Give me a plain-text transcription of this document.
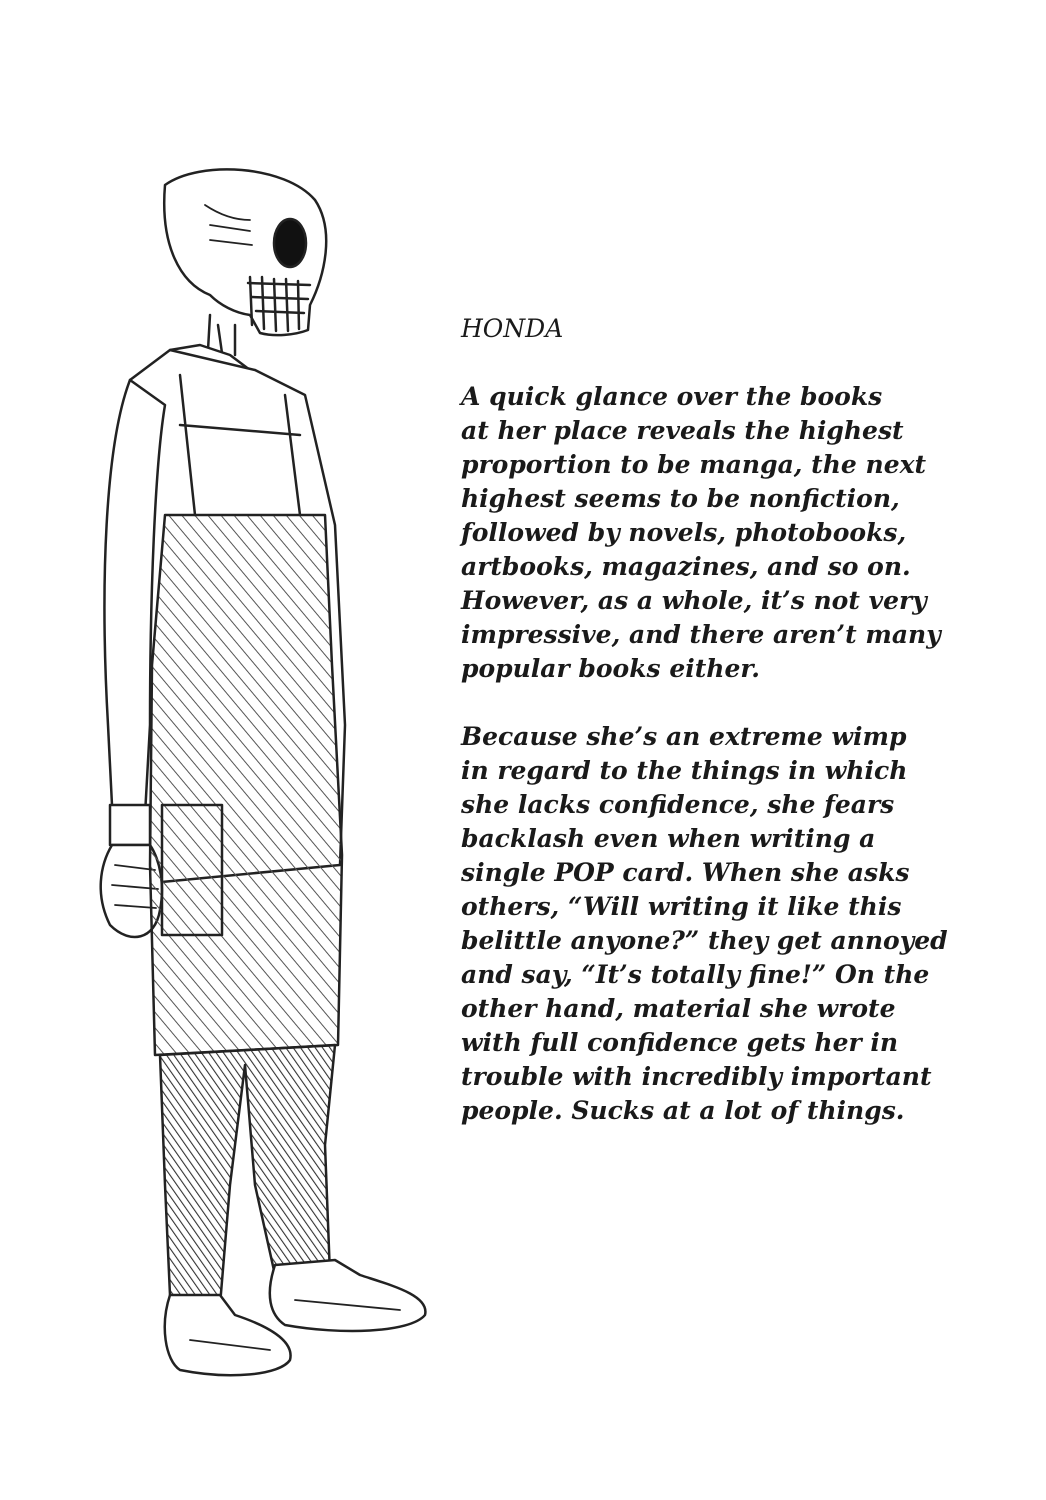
HONDA
A quick glance over the books
at her place reveals the highest
proportion to be manga, the next
highest seems to be nonfiction,
followed by novels, photobooks,
artbooks, magazines, and so on.
However, as a whole, it’s not very
impressive, and there aren’t many
popular books either.
Because she’s an extreme wimp
in regard to the things in which
she lacks confidence, she fears
backlash even when writing a
single POP card. When she asks
others, “Will writing it like this
belittle anyone?” they get annoyed
and say, “It’s totally fine!” On the
other hand, material she wrote
with full confidence gets her in
trouble with incredibly important
people. Sucks at a lot of things.
